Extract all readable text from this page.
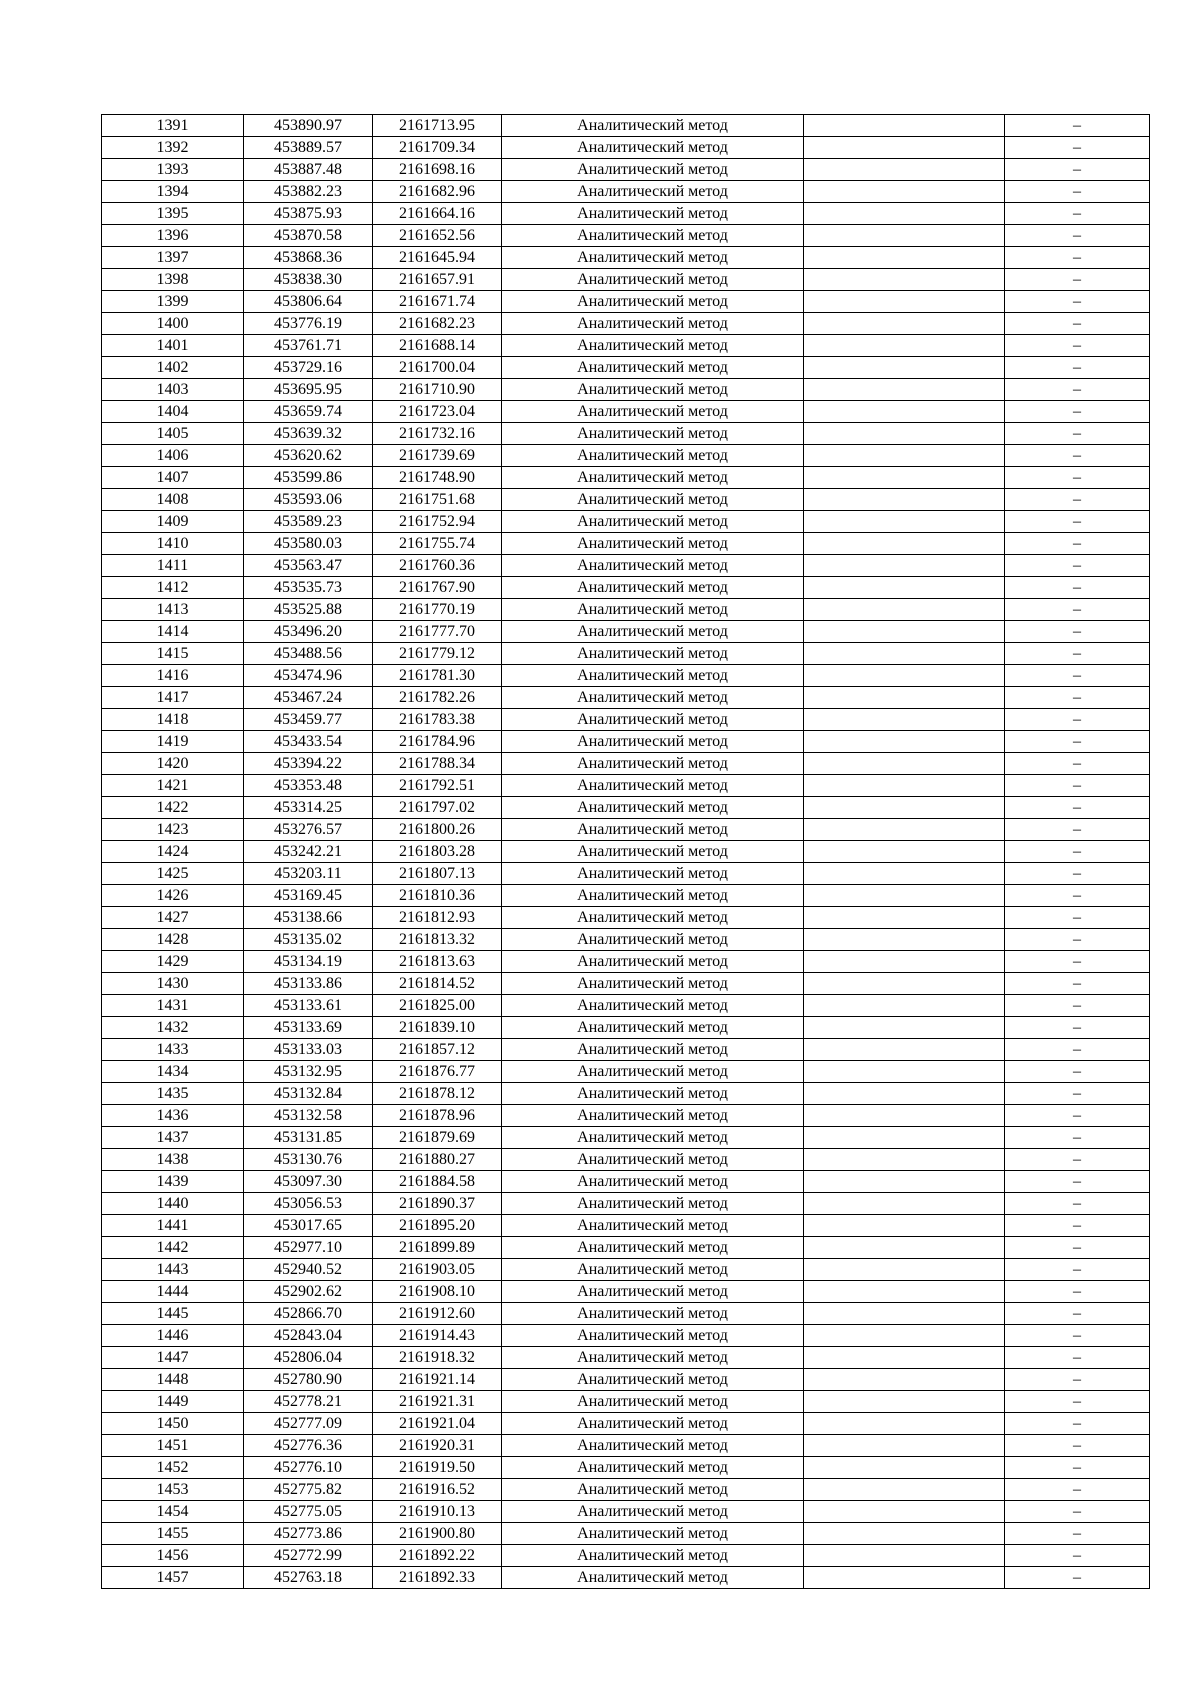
1391	453890.97	2161713.95	Аналитический метод		–
1392	453889.57	2161709.34	Аналитический метод		–
1393	453887.48	2161698.16	Аналитический метод		–
1394	453882.23	2161682.96	Аналитический метод		–
1395	453875.93	2161664.16	Аналитический метод		–
1396	453870.58	2161652.56	Аналитический метод		–
1397	453868.36	2161645.94	Аналитический метод		–
1398	453838.30	2161657.91	Аналитический метод		–
1399	453806.64	2161671.74	Аналитический метод		–
1400	453776.19	2161682.23	Аналитический метод		–
1401	453761.71	2161688.14	Аналитический метод		–
1402	453729.16	2161700.04	Аналитический метод		–
1403	453695.95	2161710.90	Аналитический метод		–
1404	453659.74	2161723.04	Аналитический метод		–
1405	453639.32	2161732.16	Аналитический метод		–
1406	453620.62	2161739.69	Аналитический метод		–
1407	453599.86	2161748.90	Аналитический метод		–
1408	453593.06	2161751.68	Аналитический метод		–
1409	453589.23	2161752.94	Аналитический метод		–
1410	453580.03	2161755.74	Аналитический метод		–
1411	453563.47	2161760.36	Аналитический метод		–
1412	453535.73	2161767.90	Аналитический метод		–
1413	453525.88	2161770.19	Аналитический метод		–
1414	453496.20	2161777.70	Аналитический метод		–
1415	453488.56	2161779.12	Аналитический метод		–
1416	453474.96	2161781.30	Аналитический метод		–
1417	453467.24	2161782.26	Аналитический метод		–
1418	453459.77	2161783.38	Аналитический метод		–
1419	453433.54	2161784.96	Аналитический метод		–
1420	453394.22	2161788.34	Аналитический метод		–
1421	453353.48	2161792.51	Аналитический метод		–
1422	453314.25	2161797.02	Аналитический метод		–
1423	453276.57	2161800.26	Аналитический метод		–
1424	453242.21	2161803.28	Аналитический метод		–
1425	453203.11	2161807.13	Аналитический метод		–
1426	453169.45	2161810.36	Аналитический метод		–
1427	453138.66	2161812.93	Аналитический метод		–
1428	453135.02	2161813.32	Аналитический метод		–
1429	453134.19	2161813.63	Аналитический метод		–
1430	453133.86	2161814.52	Аналитический метод		–
1431	453133.61	2161825.00	Аналитический метод		–
1432	453133.69	2161839.10	Аналитический метод		–
1433	453133.03	2161857.12	Аналитический метод		–
1434	453132.95	2161876.77	Аналитический метод		–
1435	453132.84	2161878.12	Аналитический метод		–
1436	453132.58	2161878.96	Аналитический метод		–
1437	453131.85	2161879.69	Аналитический метод		–
1438	453130.76	2161880.27	Аналитический метод		–
1439	453097.30	2161884.58	Аналитический метод		–
1440	453056.53	2161890.37	Аналитический метод		–
1441	453017.65	2161895.20	Аналитический метод		–
1442	452977.10	2161899.89	Аналитический метод		–
1443	452940.52	2161903.05	Аналитический метод		–
1444	452902.62	2161908.10	Аналитический метод		–
1445	452866.70	2161912.60	Аналитический метод		–
1446	452843.04	2161914.43	Аналитический метод		–
1447	452806.04	2161918.32	Аналитический метод		–
1448	452780.90	2161921.14	Аналитический метод		–
1449	452778.21	2161921.31	Аналитический метод		–
1450	452777.09	2161921.04	Аналитический метод		–
1451	452776.36	2161920.31	Аналитический метод		–
1452	452776.10	2161919.50	Аналитический метод		–
1453	452775.82	2161916.52	Аналитический метод		–
1454	452775.05	2161910.13	Аналитический метод		–
1455	452773.86	2161900.80	Аналитический метод		–
1456	452772.99	2161892.22	Аналитический метод		–
1457	452763.18	2161892.33	Аналитический метод		–
